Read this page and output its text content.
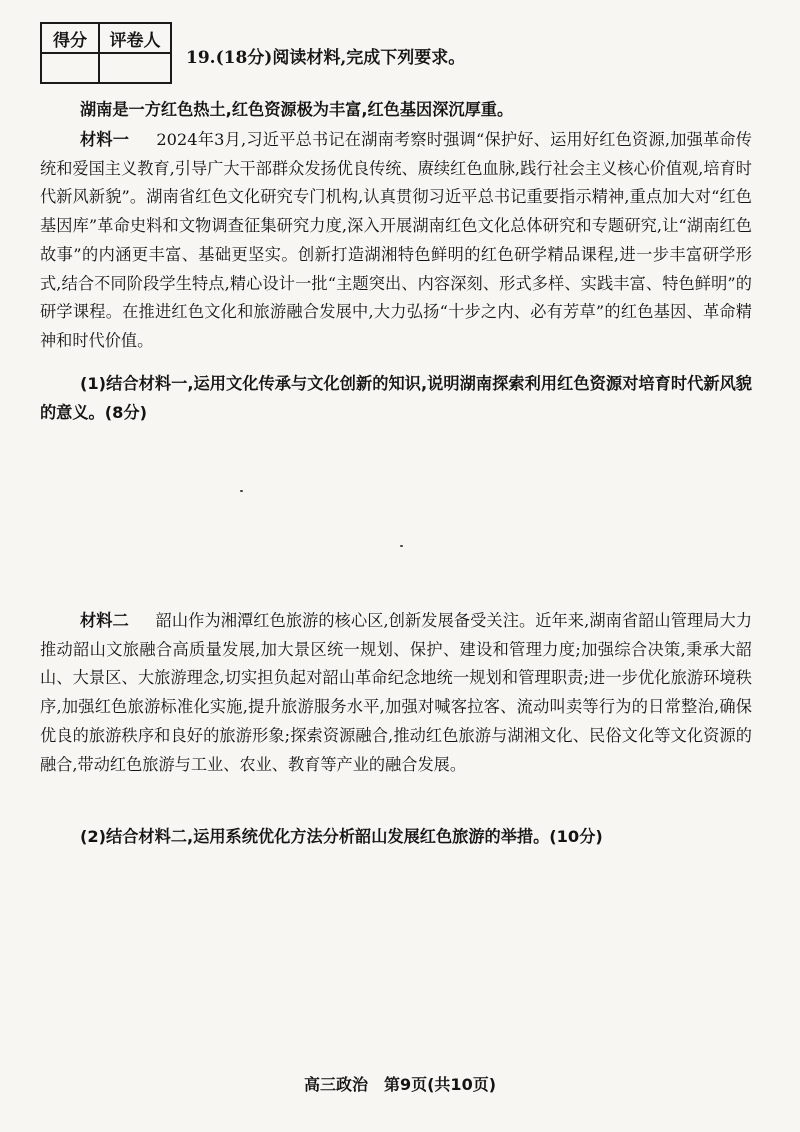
得分	评卷人

19.(18分)阅读材料,完成下列要求。
湖南是一方红色热土,红色资源极为丰富,红色基因深沉厚重。
材料一 　 2024年3月,习近平总书记在湖南考察时强调“保护好、运用好红色资源,加强革命传统和爱国主义教育,引导广大干部群众发扬优良传统、赓续红色血脉,践行社会主义核心价值观,培育时代新风新貌”。湖南省红色文化研究专门机构,认真贯彻习近平总书记重要指示精神,重点加大对“红色基因库”革命史料和文物调查征集研究力度,深入开展湖南红色文化总体研究和专题研究,让“湖南红色故事”的内涵更丰富、基础更坚实。创新打造湖湘特色鲜明的红色研学精品课程,进一步丰富研学形式,结合不同阶段学生特点,精心设计一批“主题突出、内容深刻、形式多样、实践丰富、特色鲜明”的研学课程。在推进红色文化和旅游融合发展中,大力弘扬“十步之内、必有芳草”的红色基因、革命精神和时代价值。
(1)结合材料一,运用文化传承与文化创新的知识,说明湖南探索利用红色资源对培育时代新风貌的意义。(8分)
材料二 　 韶山作为湘潭红色旅游的核心区,创新发展备受关注。近年来,湖南省韶山管理局大力推动韶山文旅融合高质量发展,加大景区统一规划、保护、建设和管理力度;加强综合决策,秉承大韶山、大景区、大旅游理念,切实担负起对韶山革命纪念地统一规划和管理职责;进一步优化旅游环境秩序,加强红色旅游标准化实施,提升旅游服务水平,加强对喊客拉客、流动叫卖等行为的日常整治,确保优良的旅游秩序和良好的旅游形象;探索资源融合,推动红色旅游与湖湘文化、民俗文化等文化资源的融合,带动红色旅游与工业、农业、教育等产业的融合发展。
(2)结合材料二,运用系统优化方法分析韶山发展红色旅游的举措。(10分)
高三政治　第9页(共10页)
